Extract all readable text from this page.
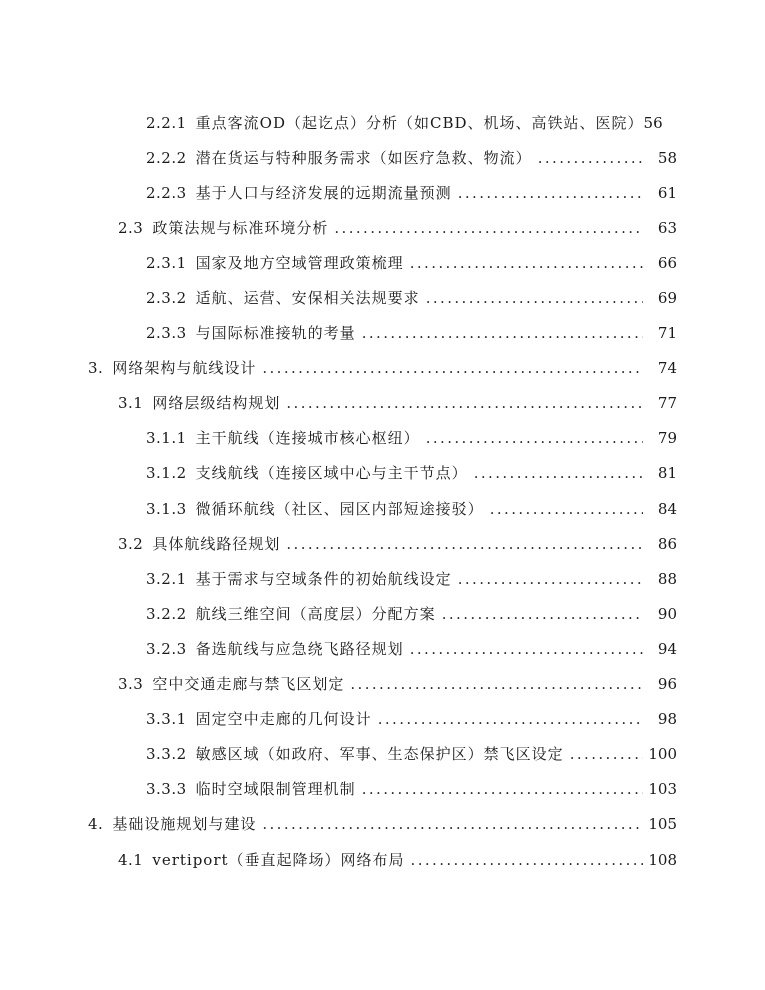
2.2.1 重点客流OD（起讫点）分析（如CBD、机场、高铁站、医院） 56
2.2.2 潜在货运与特种服务需求（如医疗急救、物流） .....	58
2.2.3 基于人口与经济发展的远期流量预测 .....	61
2.3 政策法规与标准环境分析 .....	63
2.3.1 国家及地方空域管理政策梳理 .....	66
2.3.2 适航、运营、安保相关法规要求 .....	69
2.3.3 与国际标准接轨的考量 .....	71
3. 网络架构与航线设计 .....	74
3.1 网络层级结构规划 .....	77
3.1.1 主干航线（连接城市核心枢纽） .....	79
3.1.2 支线航线（连接区域中心与主干节点） .....	81
3.1.3 微循环航线（社区、园区内部短途接驳） .....	84
3.2 具体航线路径规划 .....	86
3.2.1 基于需求与空域条件的初始航线设定 .....	88
3.2.2 航线三维空间（高度层）分配方案 .....	90
3.2.3 备选航线与应急绕飞路径规划 .....	94
3.3 空中交通走廊与禁飞区划定 .....	96
3.3.1 固定空中走廊的几何设计 .....	98
3.3.2 敏感区域（如政府、军事、生态保护区）禁飞区设定 .....	100
3.3.3 临时空域限制管理机制 .....	103
4. 基础设施规划与建设 .....	105
4.1 vertiport（垂直起降场）网络布局 .....	108
